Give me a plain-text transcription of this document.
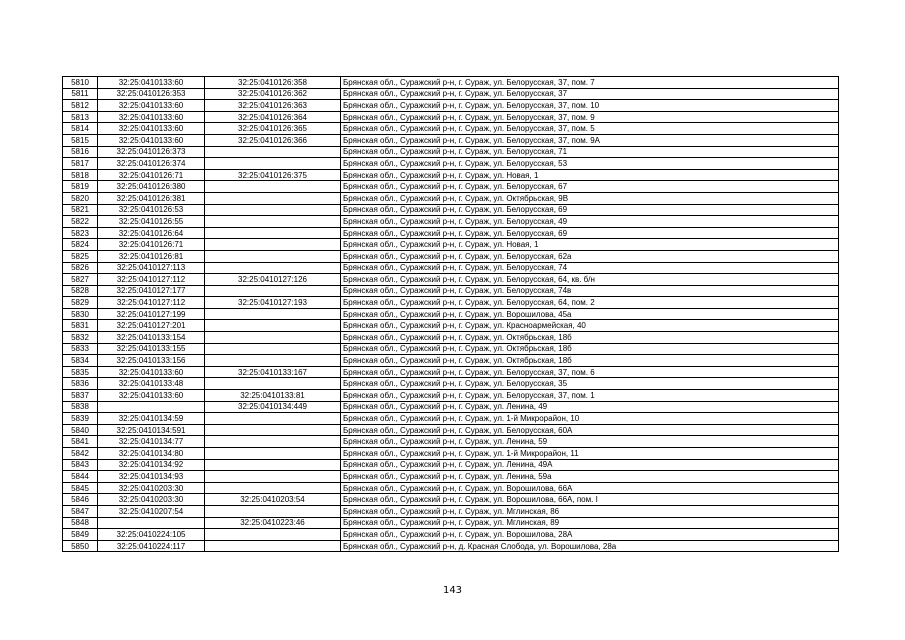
5810	32:25:0410133:60	32:25:0410126:358	Брянская обл., Суражский р-н, г. Сураж, ул. Белорусская, 37, пом. 7
5811	32:25:0410126:353	32:25:0410126:362	Брянская обл., Суражский р-н, г. Сураж, ул. Белорусская, 37
5812	32:25:0410133:60	32:25:0410126:363	Брянская обл., Суражский р-н, г. Сураж, ул. Белорусская, 37, пом. 10
5813	32:25:0410133:60	32:25:0410126:364	Брянская обл., Суражский р-н, г. Сураж, ул. Белорусская, 37, пом. 9
5814	32:25:0410133:60	32:25:0410126:365	Брянская обл., Суражский р-н, г. Сураж, ул. Белорусская, 37, пом. 5
5815	32:25:0410133:60	32:25:0410126:366	Брянская обл., Суражский р-н, г. Сураж, ул. Белорусская, 37, пом. 9А
5816	32:25:0410126:373		Брянская обл., Суражский р-н, г. Сураж, ул. Белорусская, 71
5817	32:25:0410126:374		Брянская обл., Суражский р-н, г. Сураж, ул. Белорусская, 53
5818	32:25:0410126:71	32:25:0410126:375	Брянская обл., Суражский р-н, г. Сураж, ул. Новая, 1
5819	32:25:0410126:380		Брянская обл., Суражский р-н, г. Сураж, ул. Белорусская, 67
5820	32:25:0410126:381		Брянская обл., Суражский р-н, г. Сураж, ул. Октябрьская, 9В
5821	32:25:0410126:53		Брянская обл., Суражский р-н, г. Сураж, ул. Белорусская, 69
5822	32:25:0410126:55		Брянская обл., Суражский р-н, г. Сураж, ул. Белорусская, 49
5823	32:25:0410126:64		Брянская обл., Суражский р-н, г. Сураж, ул. Белорусская, 69
5824	32:25:0410126:71		Брянская обл., Суражский р-н, г. Сураж, ул. Новая, 1
5825	32:25:0410126:81		Брянская обл., Суражский р-н, г. Сураж, ул. Белорусская, 62а
5826	32:25:0410127:113		Брянская обл., Суражский р-н, г. Сураж, ул. Белорусская, 74
5827	32:25:0410127:112	32:25:0410127:126	Брянская обл., Суражский р-н, г. Сураж, ул. Белорусская, 64, кв. б/н
5828	32:25:0410127:177		Брянская обл., Суражский р-н, г. Сураж, ул. Белорусская, 74в
5829	32:25:0410127:112	32:25:0410127:193	Брянская обл., Суражский р-н, г. Сураж, ул. Белорусская, 64, пом. 2
5830	32:25:0410127:199		Брянская обл., Суражский р-н, г. Сураж, ул. Ворошилова, 45а
5831	32:25:0410127:201		Брянская обл., Суражский р-н, г. Сураж, ул. Красноармейская, 40
5832	32:25:0410133:154		Брянская обл., Суражский р-н, г. Сураж, ул. Октябрьская, 18б
5833	32:25:0410133:155		Брянская обл., Суражский р-н, г. Сураж, ул. Октябрьская, 18б
5834	32:25:0410133:156		Брянская обл., Суражский р-н, г. Сураж, ул. Октябрьская, 18б
5835	32:25:0410133:60	32:25:0410133:167	Брянская обл., Суражский р-н, г. Сураж, ул. Белорусская, 37, пом. 6
5836	32:25:0410133:48		Брянская обл., Суражский р-н, г. Сураж, ул. Белорусская, 35
5837	32:25:0410133:60	32:25:0410133:81	Брянская обл., Суражский р-н, г. Сураж, ул. Белорусская, 37, пом. 1
5838		32:25:0410134:449	Брянская обл., Суражский р-н, г. Сураж, ул. Ленина, 49
5839	32:25:0410134:59		Брянская обл., Суражский р-н, г. Сураж, ул. 1-й Микрорайон, 10
5840	32:25:0410134:591		Брянская обл., Суражский р-н, г. Сураж, ул. Белорусская, 60А
5841	32:25:0410134:77		Брянская обл., Суражский р-н, г. Сураж, ул. Ленина, 59
5842	32:25:0410134:80		Брянская обл., Суражский р-н, г. Сураж, ул. 1-й Микрорайон, 11
5843	32:25:0410134:92		Брянская обл., Суражский р-н, г. Сураж, ул. Ленина, 49А
5844	32:25:0410134:93		Брянская обл., Суражский р-н, г. Сураж, ул. Ленина, 59а
5845	32:25:0410203:30		Брянская обл., Суражский р-н, г. Сураж, ул. Ворошилова, 66А
5846	32:25:0410203:30	32:25:0410203:54	Брянская обл., Суражский р-н, г. Сураж, ул. Ворошилова, 66А, пом. I
5847	32:25:0410207:54		Брянская обл., Суражский р-н, г. Сураж, ул. Мглинская, 86
5848		32:25:0410223:46	Брянская обл., Суражский р-н, г. Сураж, ул. Мглинская, 89
5849	32:25:0410224:105		Брянская обл., Суражский р-н, г. Сураж, ул. Ворошилова, 28А
5850	32:25:0410224:117		Брянская обл., Суражский р-н, д. Красная Слобода, ул. Ворошилова, 28а
143
